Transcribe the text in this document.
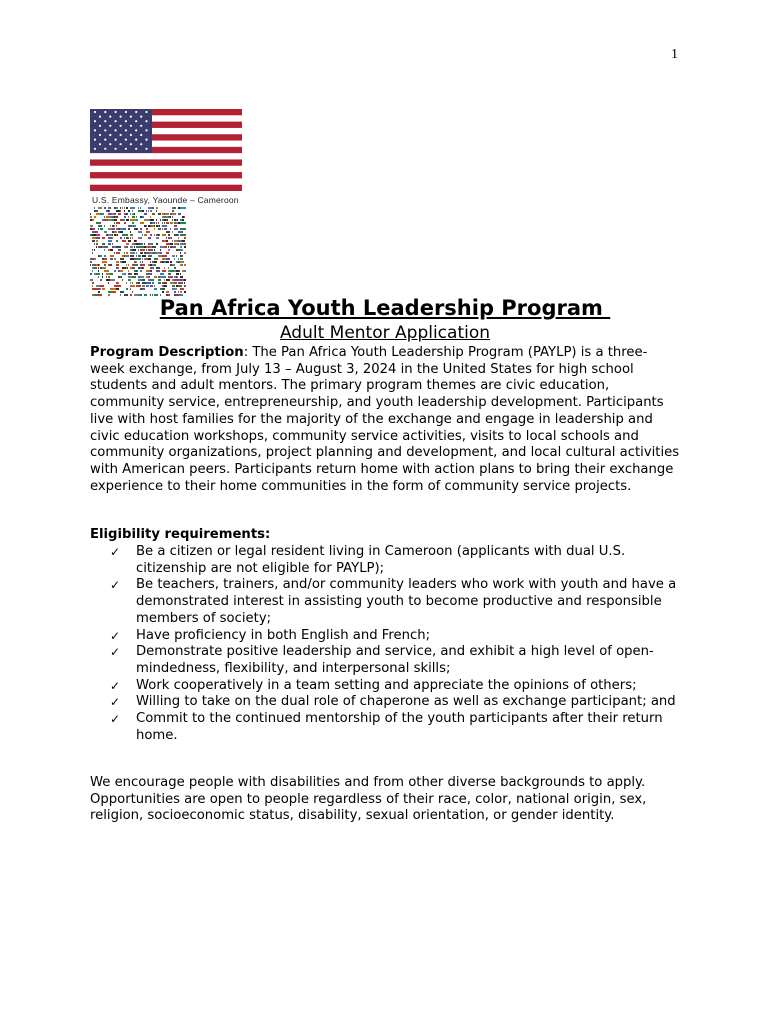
1
U.S. Embassy, Yaounde – Cameroon
Pan Africa Youth Leadership Program
Adult Mentor Application
Program Description: The Pan Africa Youth Leadership Program (PAYLP) is a three-week exchange, from July 13 – August 3, 2024 in the United States for high school students and adult mentors. The primary program themes are civic education, community service, entrepreneurship, and youth leadership development. Participants live with host families for the majority of the exchange and engage in leadership and civic education workshops, community service activities, visits to local schools and community organizations, project planning and development, and local cultural activities with American peers. Participants return home with action plans to bring their exchange experience to their home communities in the form of community service projects.
Eligibility requirements:
✓ Be a citizen or legal resident living in Cameroon (applicants with dual U.S. citizenship are not eligible for PAYLP);
✓ Be teachers, trainers, and/or community leaders who work with youth and have a demonstrated interest in assisting youth to become productive and responsible members of society;
✓ Have proficiency in both English and French;
✓ Demonstrate positive leadership and service, and exhibit a high level of open-mindedness, flexibility, and interpersonal skills;
✓ Work cooperatively in a team setting and appreciate the opinions of others;
✓ Willing to take on the dual role of chaperone as well as exchange participant; and
✓ Commit to the continued mentorship of the youth participants after their return home.
We encourage people with disabilities and from other diverse backgrounds to apply. Opportunities are open to people regardless of their race, color, national origin, sex, religion, socioeconomic status, disability, sexual orientation, or gender identity.
